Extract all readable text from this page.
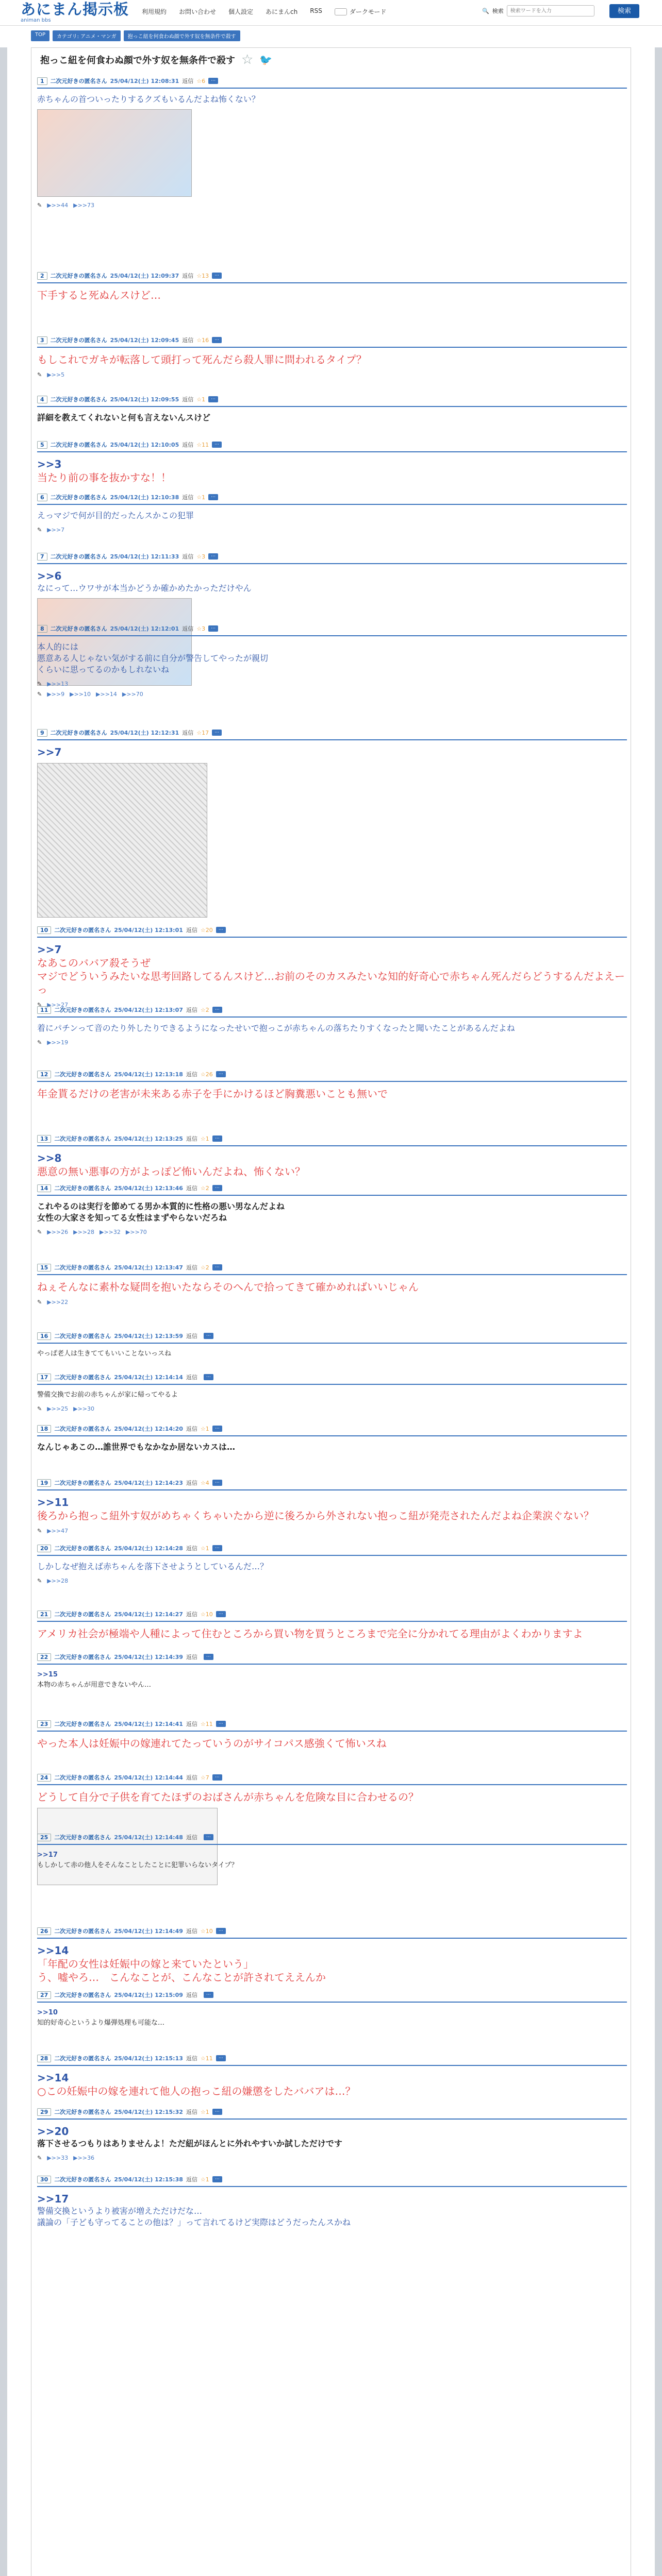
あにまん掲示板
animan bbs
利用規約 お問い合わせ 個人設定 あにまんch RSS	ダークモード	🔍 検索
検索ワードを入力	検索
TOP	カテゴリ: アニメ・マンガ	抱っこ紐を何食わぬ顔で外す奴を無条件で殺す
抱っこ紐を何食わぬ顔で外す奴を無条件で殺す ☆ 🐦
1	二次元好きの匿名さん 25/04/12(土) 12:08:31 返信 ☆6	⋯
赤ちゃんの首ついったりするクズもいるんだよね怖くない？
✎ ▶>>44 ▶>>73
2	二次元好きの匿名さん 25/04/12(土) 12:09:37 返信 ☆13	⋯
下手すると死ぬんスけど…
3	二次元好きの匿名さん 25/04/12(土) 12:09:45 返信 ☆16	⋯
もしこれでガキが転落して頭打って死んだら殺人罪に問われるタイプ？
✎ ▶>>5
4	二次元好きの匿名さん 25/04/12(土) 12:09:55 返信 ☆1	⋯
詳細を教えてくれないと何も言えないんスけど
5	二次元好きの匿名さん 25/04/12(土) 12:10:05 返信 ☆11	⋯
>>3
当たり前の事を抜かすな！！
6	二次元好きの匿名さん 25/04/12(土) 12:10:38 返信 ☆1	⋯
えっマジで何が目的だったんスかこの犯罪
✎ ▶>>7
7	二次元好きの匿名さん 25/04/12(土) 12:11:33 返信 ☆3	⋯
>>6
なにって…ウワサが本当かどうか確かめたかっただけやん
✎ ▶>>9 ▶>>10 ▶>>14 ▶>>70
8	二次元好きの匿名さん 25/04/12(土) 12:12:01 返信 ☆3	⋯
本人的には
悪意ある人じゃない気がする前に自分が警告してやったが親切
くらいに思ってるのかもしれないね
✎ ▶>>13
9	二次元好きの匿名さん 25/04/12(土) 12:12:31 返信 ☆17	⋯
>>7
10	二次元好きの匿名さん 25/04/12(土) 12:13:01 返信 ☆20	⋯
>>7
なあこのババア殺そうぜ
マジでどういうみたいな思考回路してるんスけど…お前のそのカスみたいな知的好奇心で赤ちゃん死んだらどうするんだよえーっ
✎ ▶>>27
11	二次元好きの匿名さん 25/04/12(土) 12:13:07 返信 ☆2	⋯
着にパチンって音のたり外したりできるようになったせいで抱っこが赤ちゃんの落ちたりすくなったと聞いたことがあるんだよね
✎ ▶>>19
12	二次元好きの匿名さん 25/04/12(土) 12:13:18 返信 ☆26	⋯
年金貰るだけの老害が未来ある赤子を手にかけるほど胸糞悪いことも無いで
13	二次元好きの匿名さん 25/04/12(土) 12:13:25 返信 ☆1	⋯
>>8
悪意の無い悪事の方がよっぽど怖いんだよね、怖くない？
14	二次元好きの匿名さん 25/04/12(土) 12:13:46 返信 ☆2	⋯
これやるのは実行を節めてる男か本質的に性格の悪い男なんだよね
女性の大家さを知ってる女性はまずやらないだろね
✎ ▶>>26 ▶>>28 ▶>>32 ▶>>70
15	二次元好きの匿名さん 25/04/12(土) 12:13:47 返信 ☆2	⋯
ねぇそんなに素朴な疑問を抱いたならそのへんで拾ってきて確かめればいいじゃん
✎ ▶>>22
16	二次元好きの匿名さん 25/04/12(土) 12:13:59 返信	⋯
やっぱ老人は生きててもいいことないっスね
17	二次元好きの匿名さん 25/04/12(土) 12:14:14 返信	⋯
警備交換でお前の赤ちゃんが家に帰ってやるよ
✎ ▶>>25 ▶>>30
18	二次元好きの匿名さん 25/04/12(土) 12:14:20 返信 ☆1	⋯
なんじゃあこの…誰世界でもなかなか居ないカスは…
19	二次元好きの匿名さん 25/04/12(土) 12:14:23 返信 ☆4	⋯
>>11
後ろから抱っこ紐外す奴がめちゃくちゃいたから逆に後ろから外されない抱っこ紐が発売されたんだよね企業涙ぐない？
✎ ▶>>47
20	二次元好きの匿名さん 25/04/12(土) 12:14:28 返信 ☆1	⋯
しかしなぜ抱えば赤ちゃんを落下させようとしているんだ…？
✎ ▶>>28
21	二次元好きの匿名さん 25/04/12(土) 12:14:27 返信 ☆10	⋯
アメリカ社会が極端や人種によって住むところから買い物を買うところまで完全に分かれてる理由がよくわかりますよ
22	二次元好きの匿名さん 25/04/12(土) 12:14:39 返信	⋯
>>15
本物の赤ちゃんが用意できないやん…
23	二次元好きの匿名さん 25/04/12(土) 12:14:41 返信 ☆11	⋯
やった本人は妊娠中の嫁連れてたっていうのがサイコパス感強くて怖いスね
24	二次元好きの匿名さん 25/04/12(土) 12:14:44 返信 ☆7	⋯
どうして自分で子供を育てたほずのおばさんが赤ちゃんを危険な目に合わせるの？
25	二次元好きの匿名さん 25/04/12(土) 12:14:48 返信	⋯
>>17
もしかして赤の他人をそんなことしたことに犯罪いらないタイプ？
26	二次元好きの匿名さん 25/04/12(土) 12:14:49 返信 ☆10	⋯
>>14
「年配の女性は妊娠中の嫁と来ていたという」
う、嘘やろ…　こんなことが、こんなことが許されてええんか
27	二次元好きの匿名さん 25/04/12(土) 12:15:09 返信	⋯
>>10
知的好奇心というより爆弾処理も可能な…
28	二次元好きの匿名さん 25/04/12(土) 12:15:13 返信 ☆11	⋯
>>14
○この妊娠中の嫁を連れて他人の抱っこ紐の嫌懲をしたババアは…？
29	二次元好きの匿名さん 25/04/12(土) 12:15:32 返信 ☆1	⋯
>>20
落下させるつもりはありませんよ！ただ紐がほんとに外れやすいか試しただけです
✎ ▶>>33 ▶>>36
30	二次元好きの匿名さん 25/04/12(土) 12:15:38 返信 ☆1	⋯
>>17
警備交換というより被害が増えただけだな…
議論の「子ども守ってることの他は？」って言れてるけど実際はどうだったんスかね
